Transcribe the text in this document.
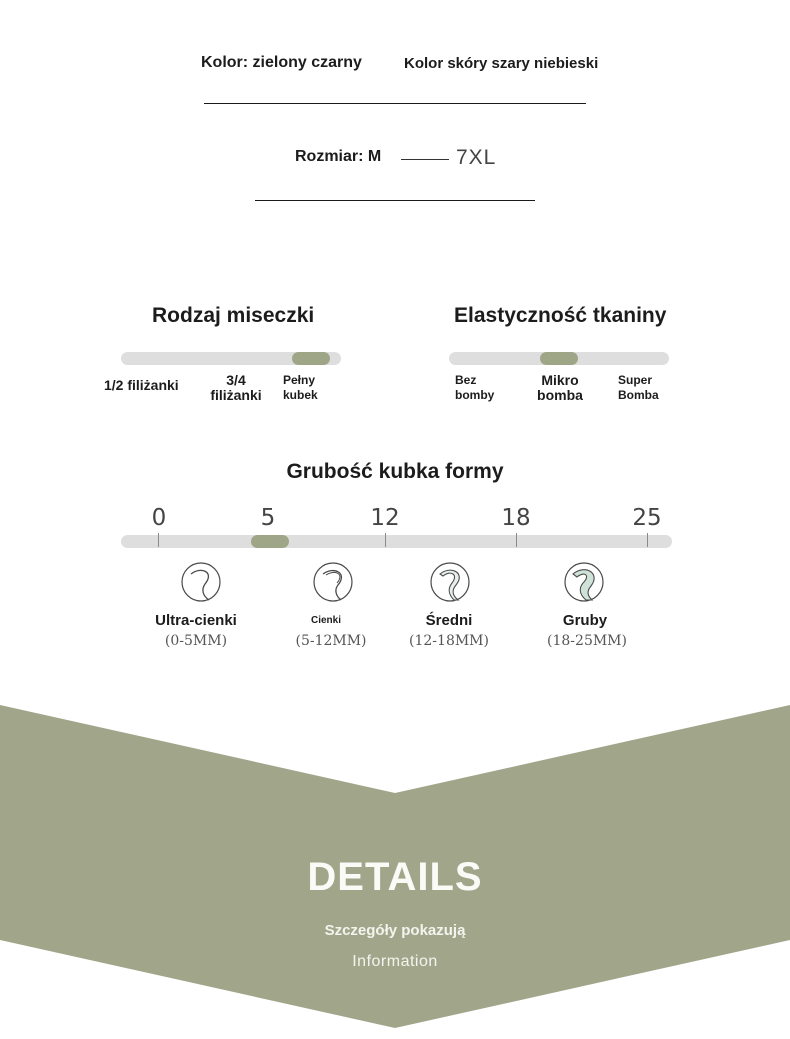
Kolor: zielony czarny	Kolor skóry szary niebieski
Rozmiar: M	7XL
Rodzaj miseczki
1/2 filiżanki	3/4 filiżanki
Pełny kubek
Elastyczność tkaniny
Bez bomby
Mikro bomba
Super Bomba
Grubość kubka formy
0	5	12	18	25
Ultra-cienki	Cienki	Średni	Gruby
(0-5MM)	(5-12MM)	(12-18MM)	(18-25MM)
DETAILS
Szczegóły pokazują
Information
